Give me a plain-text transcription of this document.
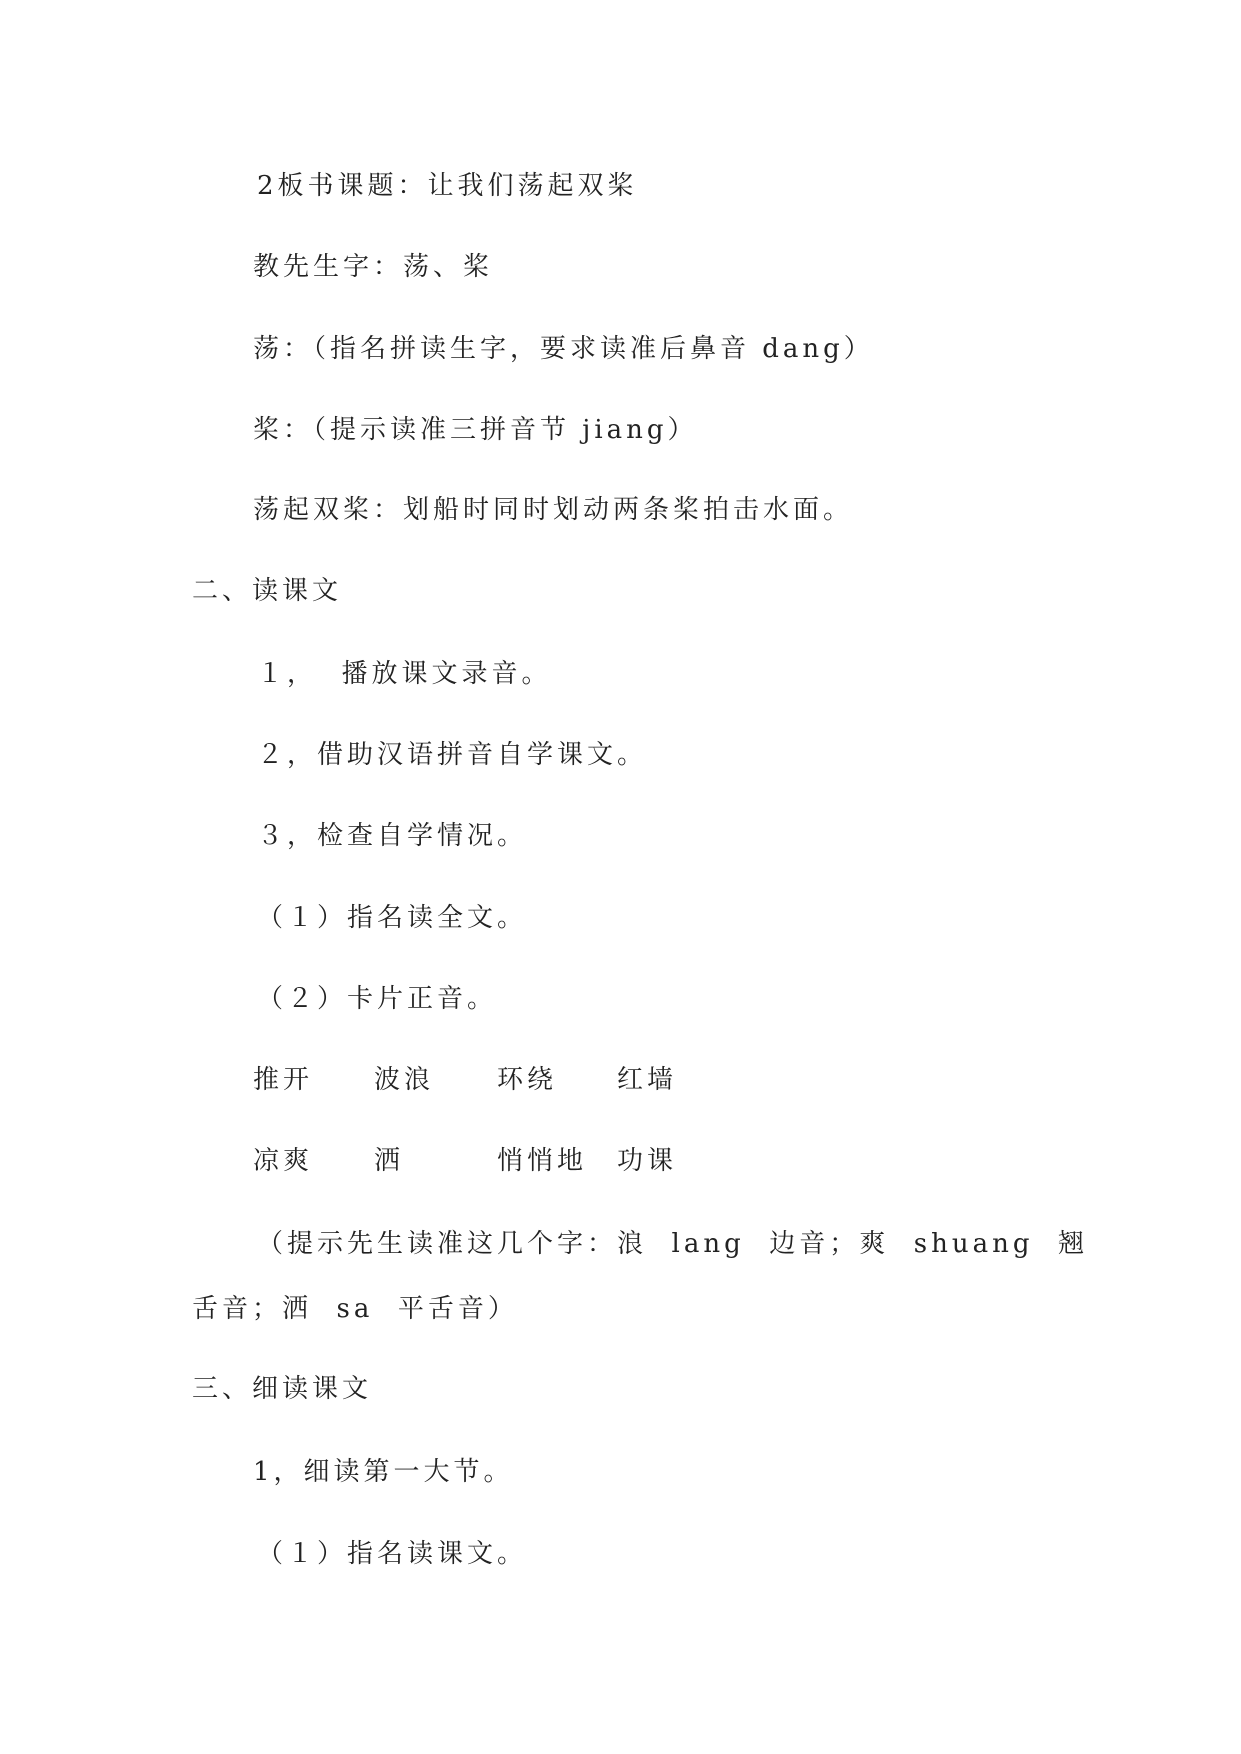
2板书课题：让我们荡起双桨
教先生字：荡、桨
荡：（指名拼读生字，要求读准后鼻音 dang）
桨：（提示读准三拼音节 jiang）
荡起双桨：划船时同时划动两条桨拍击水面。
二、读课文
１，  播放课文录音。
２，借助汉语拼音自学课文。
３，检查自学情况。
（１）指名读全文。
（２）卡片正音。
推开 波浪 环绕 红墙
凉爽 洒	悄悄地 功课
（提示先生读准这几个字：浪  lang  边音；爽  shuang  翘
舌音；洒  sa  平舌音）
三、细读课文
1，细读第一大节。
（１）指名读课文。
